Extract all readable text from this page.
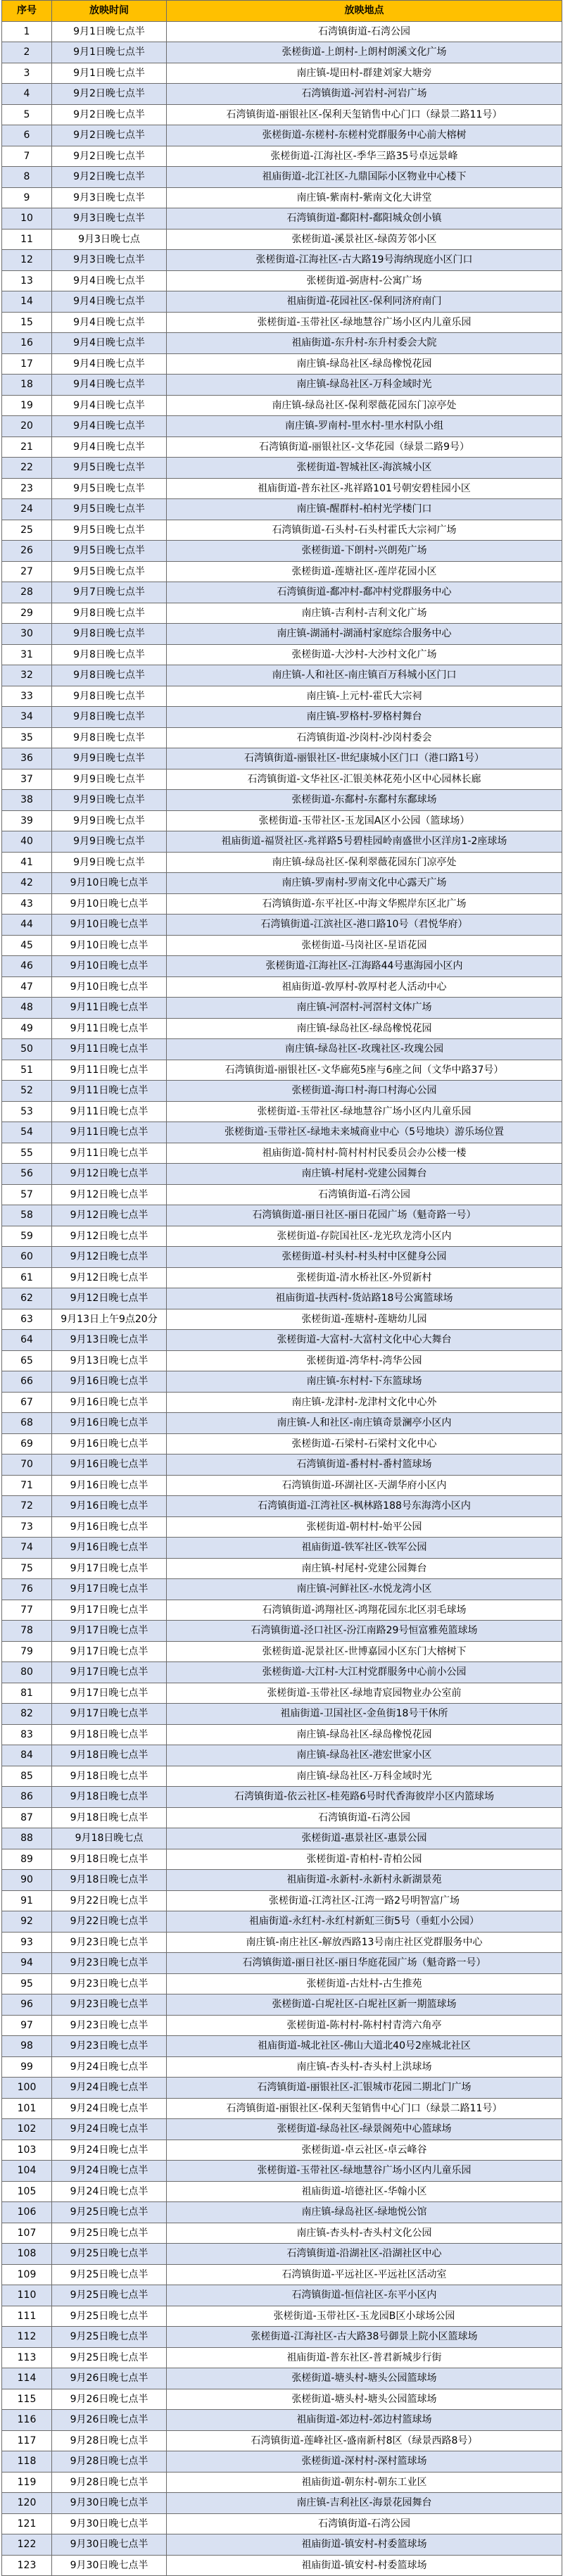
序号	放映时间	放映地点
1	9月1日晚七点半	石湾镇街道-石湾公园
2	9月1日晚七点半	张槎街道-上朗村-上朗村朗溪文化广场
3	9月1日晚七点半	南庄镇-堤田村-群建刘家大塘旁
4	9月2日晚七点半	石湾镇街道-河岩村-河岩广场
5	9月2日晚七点半	石湾镇街道-丽银社区-保利天玺销售中心门口（绿景二路11号）
6	9月2日晚七点半	张槎街道-东槎村-东槎村党群服务中心前大榕树
7	9月2日晚七点半	张槎街道-江海社区-季华三路35号卓远景峰
8	9月2日晚七点半	祖庙街道-北江社区-九鼎国际小区物业中心楼下
9	9月3日晚七点半	南庄镇-紫南村-紫南文化大讲堂
10	9月3日晚七点半	石湾镇街道-鄱阳村-鄱阳城众创小镇
11	9月3日晚七点	张槎街道-溪景社区-绿茵芳邻小区
12	9月3日晚七点半	张槎街道-江海社区-古大路19号海纳现庭小区门口
13	9月4日晚七点半	张槎街道-弼唐村-公寓广场
14	9月4日晚七点半	祖庙街道-花园社区-保利同济府南门
15	9月4日晚七点半	张槎街道-玉带社区-绿地慧谷广场小区内儿童乐园
16	9月4日晚七点半	祖庙街道-东升村-东升村委会大院
17	9月4日晚七点半	南庄镇-绿岛社区-绿岛橡悦花园
18	9月4日晚七点半	南庄镇-绿岛社区-万科金域时光
19	9月4日晚七点半	南庄镇-绿岛社区-保利翠薇花园东门凉亭处
20	9月4日晚七点半	南庄镇-罗南村-里水村-里水村队小组
21	9月4日晚七点半	石湾镇街道-丽银社区-文华花园（绿景二路9号）
22	9月5日晚七点半	张槎街道-智城社区-海滨城小区
23	9月5日晚七点半	祖庙街道-普东社区-兆祥路101号朝安碧桂园小区
24	9月5日晚七点半	南庄镇-醒群村-柏村光学楼门口
25	9月5日晚七点半	石湾镇街道-石头村-石头村霍氏大宗祠广场
26	9月5日晚七点半	张槎街道-下朗村-兴朗苑广场
27	9月5日晚七点半	张槎街道-莲塘社区-莲岸花园小区
28	9月7日晚七点半	石湾镇街道-鄱冲村-鄱冲村党群服务中心
29	9月8日晚七点半	南庄镇-吉利村-吉利文化广场
30	9月8日晚七点半	南庄镇-湖涌村-湖涌村家庭综合服务中心
31	9月8日晚七点半	张槎街道-大沙村-大沙村文化广场
32	9月8日晚七点半	南庄镇-人和社区-南庄镇百万科城小区门口
33	9月8日晚七点半	南庄镇-上元村-霍氏大宗祠
34	9月8日晚七点半	南庄镇-罗格村-罗格村舞台
35	9月8日晚七点半	石湾镇街道-沙岗村-沙岗村委会
36	9月9日晚七点半	石湾镇街道-丽银社区-世纪康城小区门口（港口路1号）
37	9月9日晚七点半	石湾镇街道-文华社区-汇银美林花苑小区中心园林长廊
38	9月9日晚七点半	张槎街道-东鄱村-东鄱村东鄱球场
39	9月9日晚七点半	张槎街道-玉带社区-玉龙国A区小公园（篮球场）
40	9月9日晚七点半	祖庙街道-福贤社区-兆祥路5号碧桂园岭南盛世小区洋房1-2座球场
41	9月9日晚七点半	南庄镇-绿岛社区-保利翠薇花园东门凉亭处
42	9月10日晚七点半	南庄镇-罗南村-罗南文化中心露天广场
43	9月10日晚七点半	石湾镇街道-东平社区-中海文华熙岸东区北广场
44	9月10日晚七点半	石湾镇街道-江滨社区-港口路10号（君悦华府）
45	9月10日晚七点半	张槎街道-马岗社区-星语花园
46	9月10日晚七点半	张槎街道-江海社区-江海路44号惠海园小区内
47	9月10日晚七点半	祖庙街道-敦厚村-敦厚村老人活动中心
48	9月11日晚七点半	南庄镇-河滘村-河滘村文体广场
49	9月11日晚七点半	南庄镇-绿岛社区-绿岛橡悦花园
50	9月11日晚七点半	南庄镇-绿岛社区-玫瑰社区-玫瑰公园
51	9月11日晚七点半	石湾镇街道-丽银社区-文华廊苑5座与6座之间（文华中路37号）
52	9月11日晚七点半	张槎街道-海口村-海口村海心公园
53	9月11日晚七点半	张槎街道-玉带社区-绿地慧谷广场小区内儿童乐园
54	9月11日晚七点半	张槎街道-玉带社区-绿地未来城商业中心（5号地块）游乐场位置
55	9月11日晚七点半	祖庙街道-简村村-简村村村民委员会办公楼一楼
56	9月12日晚七点半	南庄镇-村尾村-党建公园舞台
57	9月12日晚七点半	石湾镇街道-石湾公园
58	9月12日晚七点半	石湾镇街道-丽日社区-丽日花园广场（魁奇路一号）
59	9月12日晚七点半	张槎街道-存院国社区-龙光玖龙湾小区内
60	9月12日晚七点半	张槎街道-村头村-村头村中区健身公园
61	9月12日晚七点半	张槎街道-清水桥社区-外贸新村
62	9月12日晚七点半	祖庙街道-扶西村-货站路18号公寓篮球场
63	9月13日上午9点20分	张槎街道-莲塘村-莲塘幼儿园
64	9月13日晚七点半	张槎街道-大富村-大富村文化中心大舞台
65	9月13日晚七点半	张槎街道-湾华村-湾华公园
66	9月16日晚七点半	南庄镇-东村村-下东篮球场
67	9月16日晚七点半	南庄镇-龙津村-龙津村文化中心外
68	9月16日晚七点半	南庄镇-人和社区-南庄镇奇景澜亭小区内
69	9月16日晚七点半	张槎街道-石梁村-石梁村文化中心
70	9月16日晚七点半	石湾镇街道-番村村-番村篮球场
71	9月16日晚七点半	石湾镇街道-环湖社区-天湖华府小区内
72	9月16日晚七点半	石湾镇街道-江湾社区-枫林路188号东海湾小区内
73	9月16日晚七点半	张槎街道-朝村村-始平公园
74	9月16日晚七点半	祖庙街道-铁军社区-铁军公园
75	9月17日晚七点半	南庄镇-村尾村-党建公园舞台
76	9月17日晚七点半	南庄镇-河鲜社区-水悦龙湾小区
77	9月17日晚七点半	石湾镇街道-鸿翔社区-鸿翔花园东北区羽毛球场
78	9月17日晚七点半	石湾镇街道-泾口社区-汾江南路29号恒富雅苑篮球场
79	9月17日晚七点半	张槎街道-泥景社区-世博嘉园小区东门大榕树下
80	9月17日晚七点半	张槎街道-大江村-大江村党群服务中心前小公园
81	9月17日晚七点半	张槎街道-玉带社区-绿地青宸园物业办公室前
82	9月17日晚七点半	祖庙街道-卫国社区-金鱼街18号干休所
83	9月18日晚七点半	南庄镇-绿岛社区-绿岛橡悦花园
84	9月18日晚七点半	南庄镇-绿岛社区-港宏世家小区
85	9月18日晚七点半	南庄镇-绿岛社区-万科金域时光
86	9月18日晚七点半	石湾镇街道-依云社区-桂苑路6号时代香海彼岸小区内篮球场
87	9月18日晚七点半	石湾镇街道-石湾公园
88	9月18日晚七点	张槎街道-惠景社区-惠景公园
89	9月18日晚七点半	张槎街道-青柏村-青柏公园
90	9月18日晚七点半	祖庙街道-永新村-永新村永新湖景苑
91	9月22日晚七点半	张槎街道-江湾社区-江湾一路2号明智富广场
92	9月22日晚七点半	祖庙街道-永红村-永红村新虹三街5号（垂虹小公园）
93	9月23日晚七点半	南庄镇-南庄社区-解放西路13号南庄社区党群服务中心
94	9月23日晚七点半	石湾镇街道-丽日社区-丽日华庭花园广场（魁奇路一号）
95	9月23日晚七点半	张槎街道-古灶村-古生推苑
96	9月23日晚七点半	张槎街道-白坭社区-白坭社区新一期篮球场
97	9月23日晚七点半	张槎街道-陈村村-陈村村青湾六角亭
98	9月23日晚七点半	祖庙街道-城北社区-佛山大道北40号2座城北社区
99	9月24日晚七点半	南庄镇-杏头村-杏头村上洪球场
100	9月24日晚七点半	石湾镇街道-丽银社区-汇银城市花园二期北门广场
101	9月24日晚七点半	石湾镇街道-丽银社区-保利天玺销售中心门口（绿景二路11号）
102	9月24日晚七点半	张槎街道-绿岛社区-绿景阁苑中心篮球场
103	9月24日晚七点半	张槎街道-卓云社区-卓云峰谷
104	9月24日晚七点半	张槎街道-玉带社区-绿地慧谷广场小区内儿童乐园
105	9月24日晚七点半	祖庙街道-培德社区-华翰小区
106	9月25日晚七点半	南庄镇-绿岛社区-绿地悦公馆
107	9月25日晚七点半	南庄镇-杏头村-杏头村文化公园
108	9月25日晚七点半	石湾镇街道-沿湖社区-沿湖社区中心
109	9月25日晚七点半	石湾镇街道-平远社区-平远社区活动室
110	9月25日晚七点半	石湾镇街道-恒信社区-东平小区内
111	9月25日晚七点半	张槎街道-玉带社区-玉龙园B区小球场公园
112	9月25日晚七点半	张槎街道-江海社区-古大路38号御景上院小区篮球场
113	9月25日晚七点半	祖庙街道-普东社区-普君新城步行街
114	9月26日晚七点半	张槎街道-塘头村-塘头公园篮球场
115	9月26日晚七点半	张槎街道-塘头村-塘头公园篮球场
116	9月26日晚七点半	祖庙街道-郊边村-郊边村篮球场
117	9月28日晚七点半	石湾镇街道-莲峰社区-盛南新村8区（绿景西路8号）
118	9月28日晚七点半	张槎街道-深村村-深村篮球场
119	9月28日晚七点半	祖庙街道-朝东村-朝东工业区
120	9月30日晚七点半	南庄镇-吉利社区-海景花园舞台
121	9月30日晚七点半	石湾镇街道-石湾公园
122	9月30日晚七点半	祖庙街道-镇安村-村委篮球场
123	9月30日晚七点半	祖庙街道-镇安村-村委篮球场
